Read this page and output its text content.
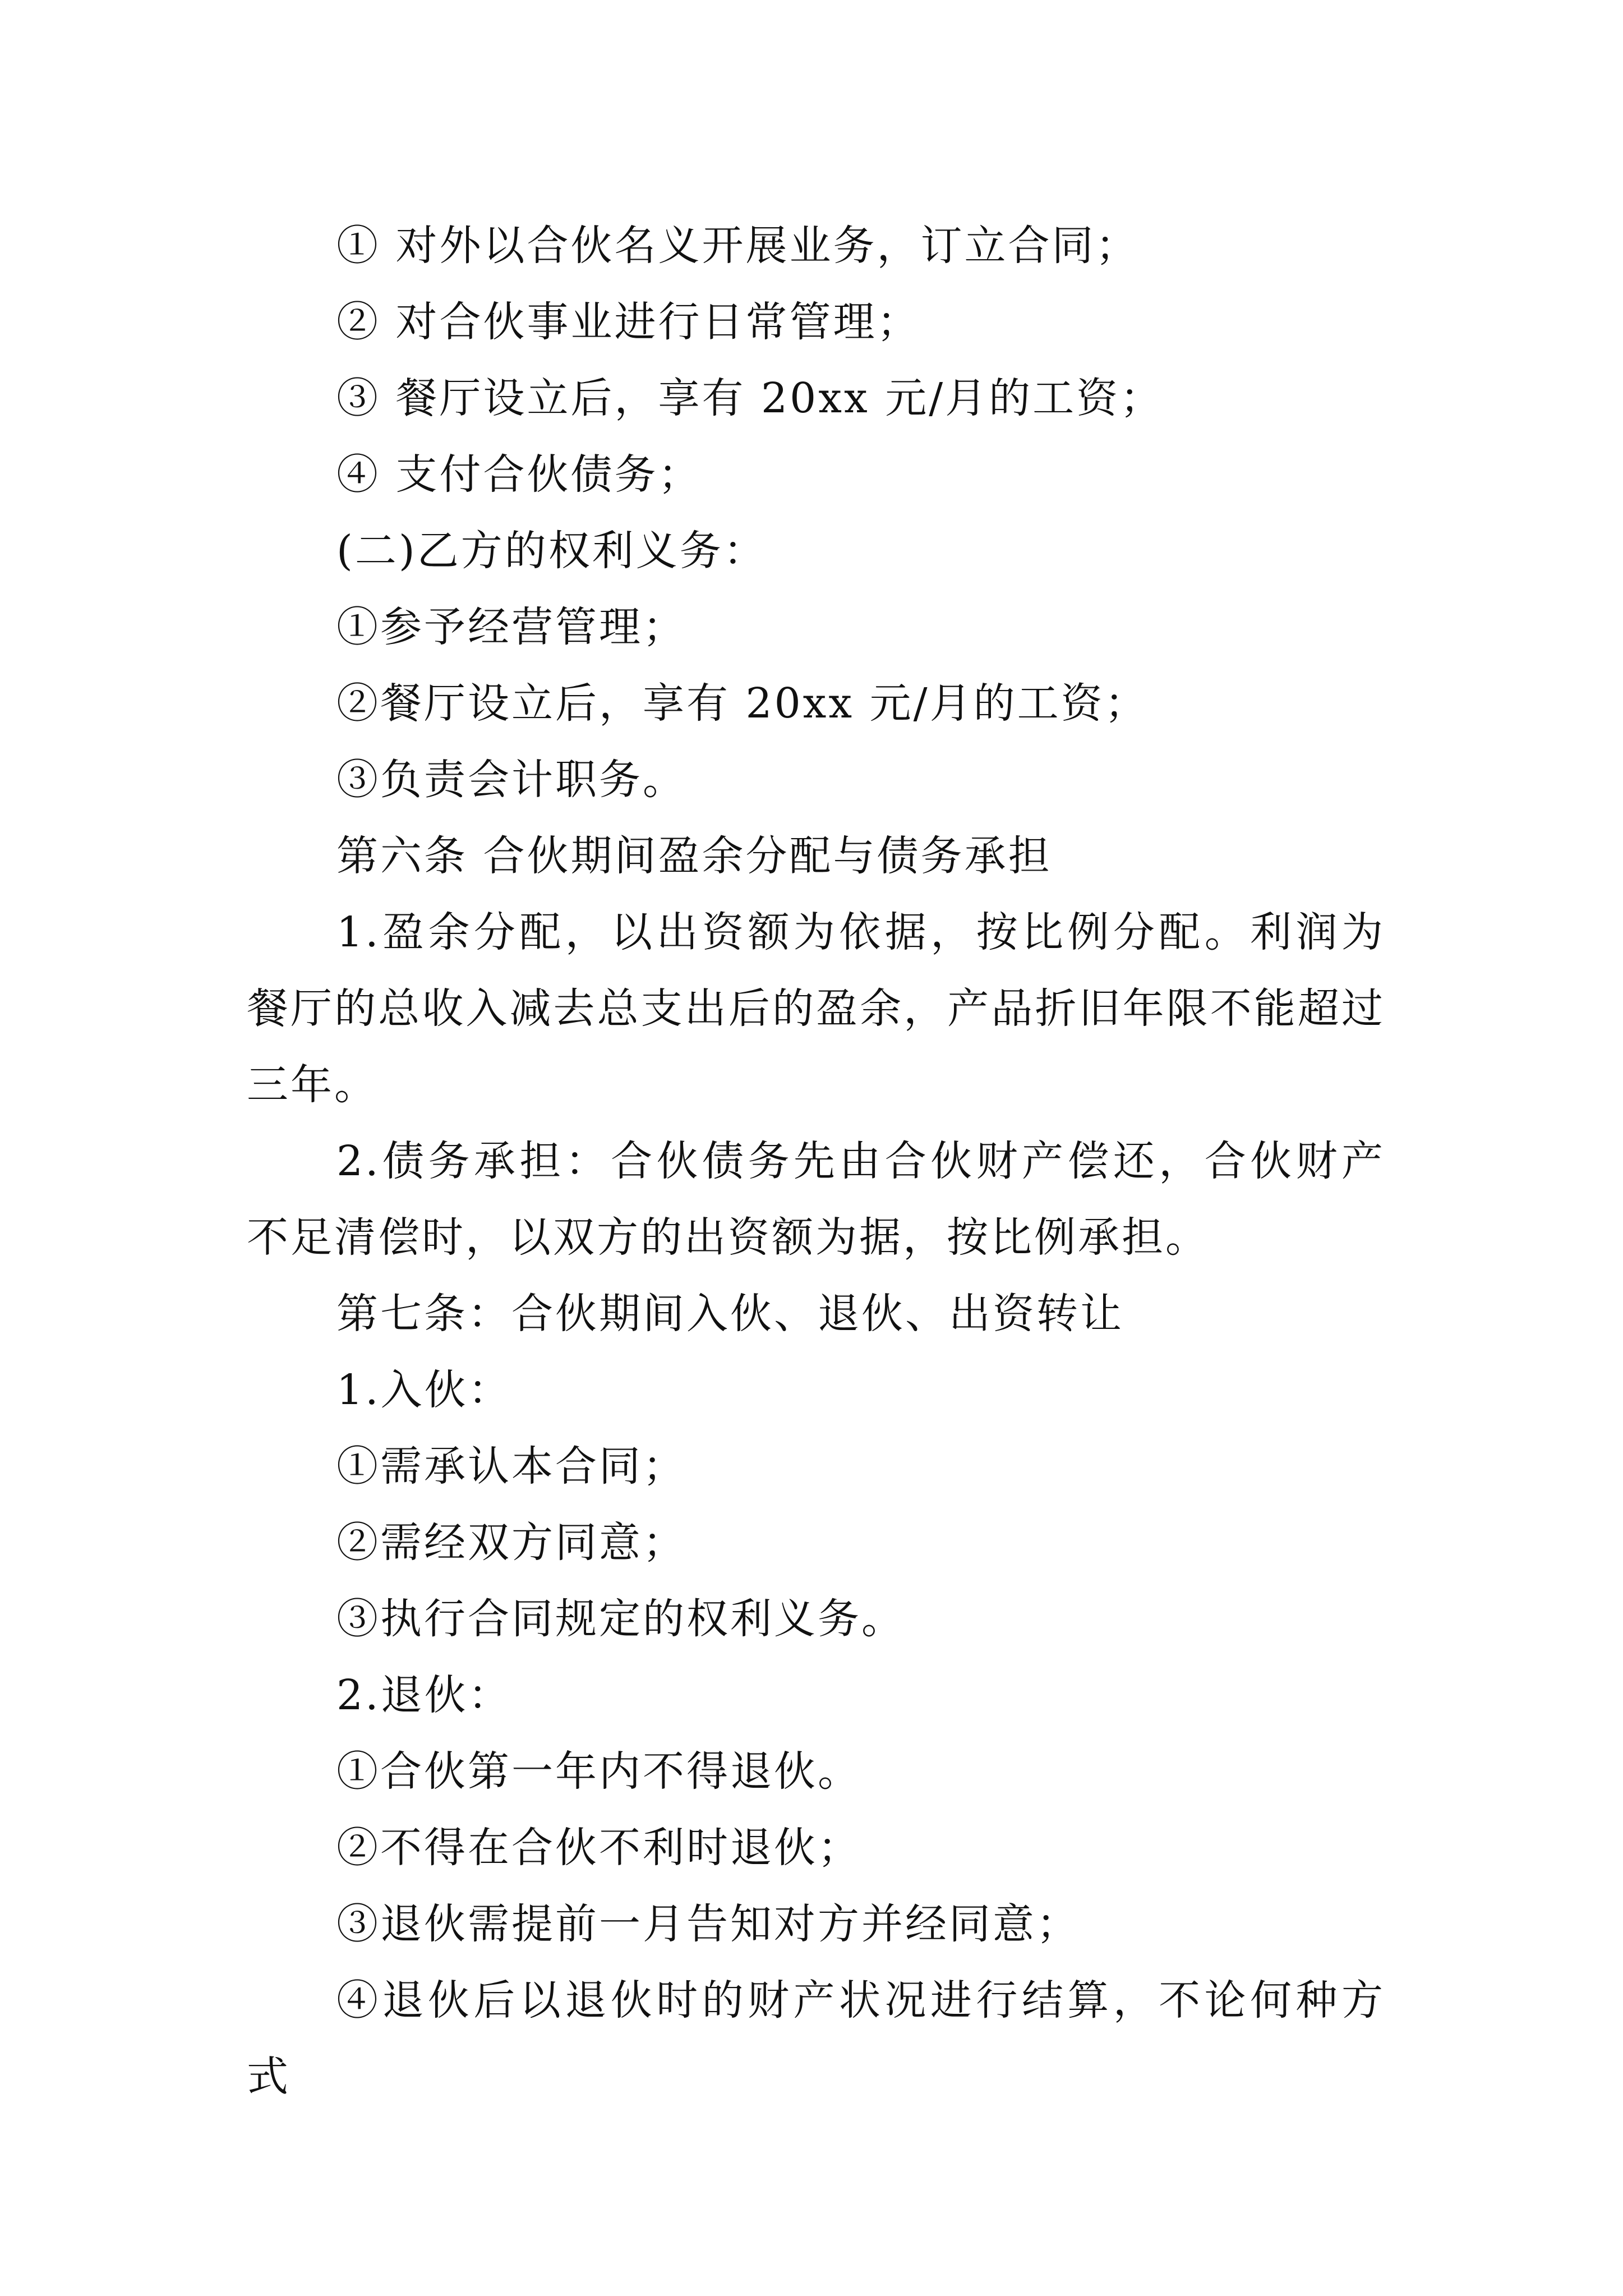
① 对外以合伙名义开展业务，订立合同；

② 对合伙事业进行日常管理；

③ 餐厅设立后，享有 20xx 元/月的工资；

④ 支付合伙债务；

(二)乙方的权利义务：

①参予经营管理；

②餐厅设立后，享有 20xx 元/月的工资；

③负责会计职务。

第六条 合伙期间盈余分配与债务承担

1.盈余分配，以出资额为依据，按比例分配。利润为餐厅的总收入减去总支出后的盈余，产品折旧年限不能超过三年。

2.债务承担：合伙债务先由合伙财产偿还，合伙财产不足清偿时，以双方的出资额为据，按比例承担。

第七条：合伙期间入伙、退伙、出资转让

1.入伙：

①需承认本合同；

②需经双方同意；

③执行合同规定的权利义务。

2.退伙：

①合伙第一年内不得退伙。

②不得在合伙不利时退伙；

③退伙需提前一月告知对方并经同意；

④退伙后以退伙时的财产状况进行结算，不论何种方式
